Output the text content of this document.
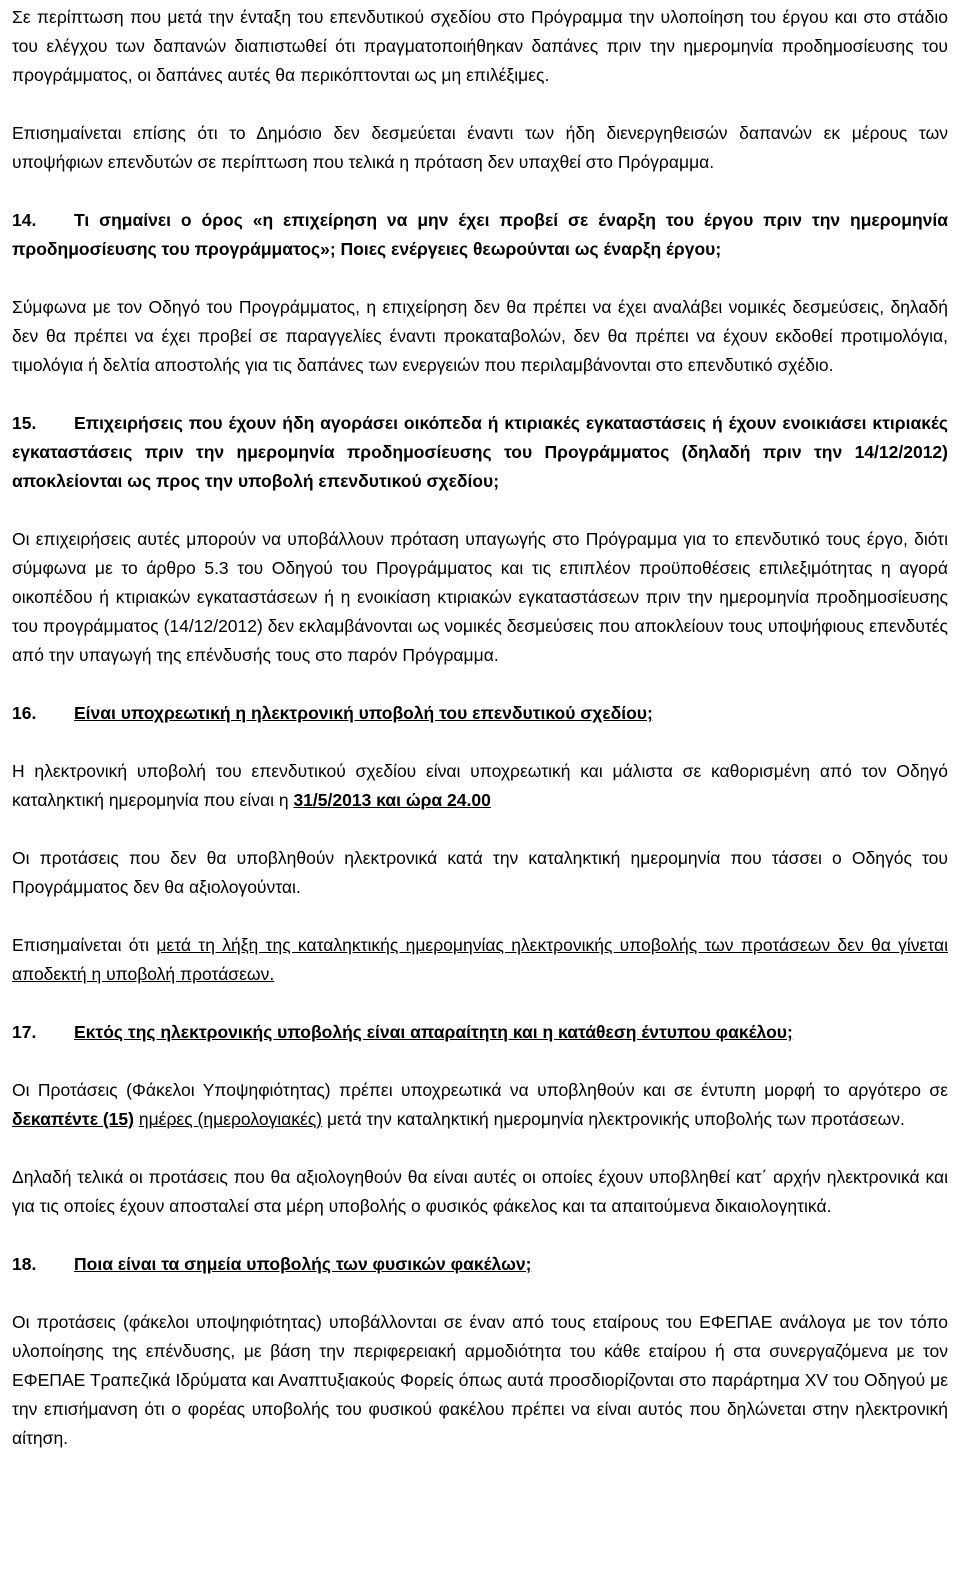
Σε περίπτωση που μετά την ένταξη του επενδυτικού σχεδίου στο Πρόγραμμα την υλοποίηση του έργου και στο στάδιο του ελέγχου των δαπανών διαπιστωθεί ότι πραγματοποιήθηκαν δαπάνες πριν την ημερομηνία προδημοσίευσης του προγράμματος, οι δαπάνες αυτές θα περικόπτονται ως μη επιλέξιμες.

Επισημαίνεται επίσης ότι το Δημόσιο δεν δεσμεύεται έναντι των ήδη διενεργηθεισών δαπανών εκ μέρους των υποψήφιων επενδυτών σε περίπτωση που τελικά η πρόταση δεν υπαχθεί στο Πρόγραμμα.

14. Τι σημαίνει ο όρος «η επιχείρηση να μην έχει προβεί σε έναρξη του έργου πριν την ημερομηνία προδημοσίευσης του προγράμματος»; Ποιες ενέργειες θεωρούνται ως έναρξη έργου;

Σύμφωνα με τον Οδηγό του Προγράμματος, η επιχείρηση δεν θα πρέπει να έχει αναλάβει νομικές δεσμεύσεις, δηλαδή δεν θα πρέπει να έχει προβεί σε παραγγελίες έναντι προκαταβολών, δεν θα πρέπει να έχουν εκδοθεί προτιμολόγια, τιμολόγια ή δελτία αποστολής για τις δαπάνες των ενεργειών που περιλαμβάνονται στο επενδυτικό σχέδιο.

15. Επιχειρήσεις που έχουν ήδη αγοράσει οικόπεδα ή κτιριακές εγκαταστάσεις ή έχουν ενοικιάσει κτιριακές εγκαταστάσεις πριν την ημερομηνία προδημοσίευσης του Προγράμματος (δηλαδή πριν την 14/12/2012) αποκλείονται ως προς την υποβολή επενδυτικού σχεδίου;

Οι επιχειρήσεις αυτές μπορούν να υποβάλλουν πρόταση υπαγωγής στο Πρόγραμμα για το επενδυτικό τους έργο, διότι σύμφωνα με το άρθρο 5.3 του Οδηγού του Προγράμματος και τις επιπλέον προϋποθέσεις επιλεξιμότητας η αγορά οικοπέδου ή κτιριακών εγκαταστάσεων ή η ενοικίαση κτιριακών εγκαταστάσεων πριν την ημερομηνία προδημοσίευσης του προγράμματος (14/12/2012) δεν εκλαμβάνονται ως νομικές δεσμεύσεις που αποκλείουν τους υποψήφιους επενδυτές από την υπαγωγή της επένδυσής τους στο παρόν Πρόγραμμα.

16. Είναι υποχρεωτική η ηλεκτρονική υποβολή του επενδυτικού σχεδίου;

Η ηλεκτρονική υποβολή του επενδυτικού σχεδίου είναι υποχρεωτική και μάλιστα σε καθορισμένη από τον Οδηγό καταληκτική ημερομηνία που είναι η 31/5/2013 και ώρα 24.00

Οι προτάσεις που δεν θα υποβληθούν ηλεκτρονικά κατά την καταληκτική ημερομηνία που τάσσει ο Οδηγός του Προγράμματος δεν θα αξιολογούνται.

Επισημαίνεται ότι μετά τη λήξη της καταληκτικής ημερομηνίας ηλεκτρονικής υποβολής των προτάσεων δεν θα γίνεται αποδεκτή η υποβολή προτάσεων.

17. Εκτός της ηλεκτρονικής υποβολής είναι απαραίτητη και η κατάθεση έντυπου φακέλου;

Οι Προτάσεις (Φάκελοι Υποψηφιότητας) πρέπει υποχρεωτικά να υποβληθούν και σε έντυπη μορφή το αργότερο σε δεκαπέντε (15) ημέρες (ημερολογιακές) μετά την καταληκτική ημερομηνία ηλεκτρονικής υποβολής των προτάσεων.

Δηλαδή τελικά οι προτάσεις που θα αξιολογηθούν θα είναι αυτές οι οποίες έχουν υποβληθεί κατ΄ αρχήν ηλεκτρονικά και για τις οποίες έχουν αποσταλεί στα μέρη υποβολής ο φυσικός φάκελος και τα απαιτούμενα δικαιολογητικά.

18. Ποια είναι τα σημεία υποβολής των φυσικών φακέλων;

Οι προτάσεις (φάκελοι υποψηφιότητας) υποβάλλονται σε έναν από τους εταίρους του ΕΦΕΠΑΕ ανάλογα με τον τόπο υλοποίησης της επένδυσης, με βάση την περιφερειακή αρμοδιότητα του κάθε εταίρου ή στα συνεργαζόμενα με τον ΕΦΕΠΑΕ Τραπεζικά Ιδρύματα και Αναπτυξιακούς Φορείς όπως αυτά προσδιορίζονται στο παράρτημα XV του Οδηγού με την επισήμανση ότι ο φορέας υποβολής του φυσικού φακέλου πρέπει να είναι αυτός που δηλώνεται στην ηλεκτρονική αίτηση.
